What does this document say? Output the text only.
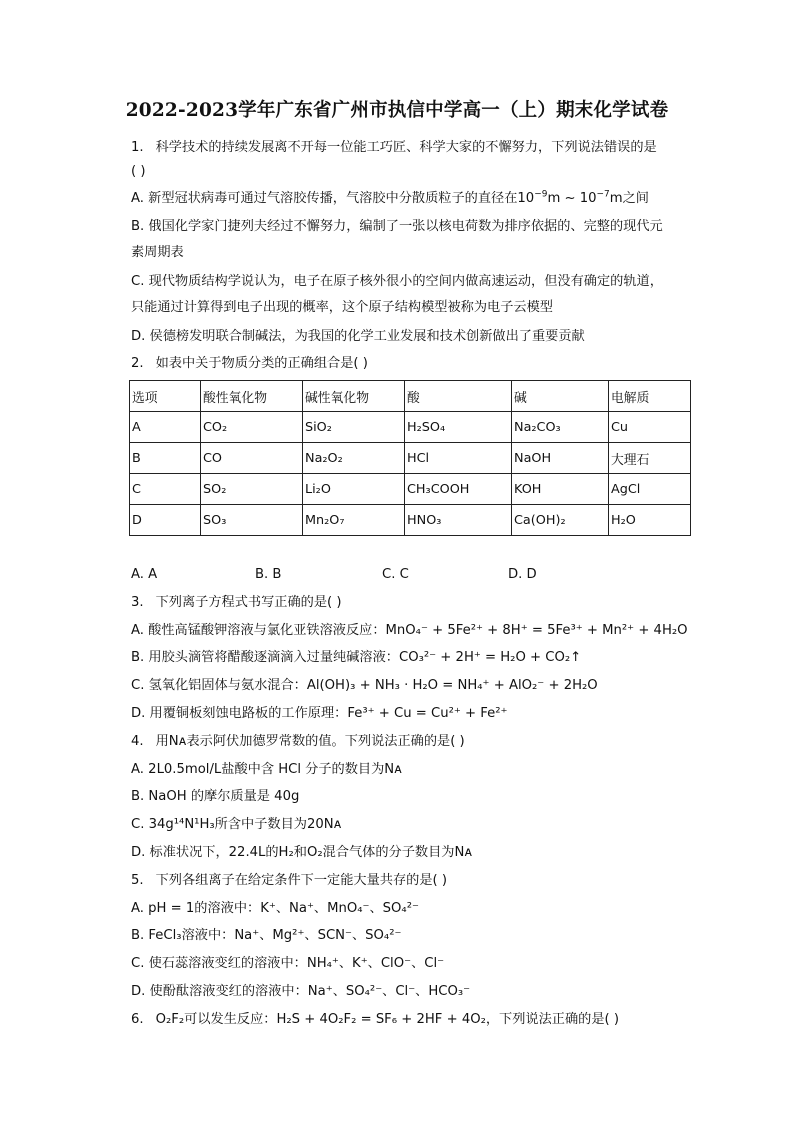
2022-2023学年广东省广州市执信中学高一（上）期末化学试卷
1. 科学技术的持续发展离不开每一位能工巧匠、科学大家的不懈努力，下列说法错误的是
( )
A. 新型冠状病毒可通过气溶胶传播，气溶胶中分散质粒子的直径在$10^{-9}m$ ~ $10^{-7}m$之间
B. 俄国化学家门捷列夫经过不懈努力，编制了一张以核电荷数为排序依据的、完整的现代元
素周期表
C. 现代物质结构学说认为，电子在原子核外很小的空间内做高速运动，但没有确定的轨道，
只能通过计算得到电子出现的概率，这个原子结构模型被称为电子云模型
D. 侯德榜发明联合制碱法，为我国的化学工业发展和技术创新做出了重要贡献
2. 如表中关于物质分类的正确组合是( )
选项	酸性氧化物	碱性氧化物	酸	碱	电解质
A	CO₂	SiO₂	H₂SO₄	Na₂CO₃	Cu
B	CO	Na₂O₂	HCl	NaOH	大理石
C	SO₂	Li₂O	CH₃COOH	KOH	AgCl
D	SO₃	Mn₂O₇	HNO₃	Ca(OH)₂	H₂O
A. A	B. B	C. C	D. D
3. 下列离子方程式书写正确的是( )
A. 酸性高锰酸钾溶液与氯化亚铁溶液反应：MnO₄⁻ + 5Fe²⁺ + 8H⁺ = 5Fe³⁺ + Mn²⁺ + 4H₂O
B. 用胶头滴管将醋酸逐滴滴入过量纯碱溶液：CO₃²⁻ + 2H⁺ = H₂O + CO₂↑
C. 氢氧化铝固体与氨水混合：Al(OH)₃ + NH₃ · H₂O = NH₄⁺ + AlO₂⁻ + 2H₂O
D. 用覆铜板刻蚀电路板的工作原理：Fe³⁺ + Cu = Cu²⁺ + Fe²⁺
4. 用Nᴀ表示阿伏加德罗常数的值。下列说法正确的是( )
A. 2L0.5mol/L盐酸中含 HCl 分子的数目为Nᴀ
B. NaOH 的摩尔质量是 40g
C. 34g¹⁴N¹H₃所含中子数目为20Nᴀ
D. 标准状况下，22.4L的H₂和O₂混合气体的分子数目为Nᴀ
5. 下列各组离子在给定条件下一定能大量共存的是( )
A. pH = 1的溶液中：K⁺、Na⁺、MnO₄⁻、SO₄²⁻
B. FeCl₃溶液中：Na⁺、Mg²⁺、SCN⁻、SO₄²⁻
C. 使石蕊溶液变红的溶液中：NH₄⁺、K⁺、ClO⁻、Cl⁻
D. 使酚酞溶液变红的溶液中：Na⁺、SO₄²⁻、Cl⁻、HCO₃⁻
6. O₂F₂可以发生反应：H₂S + 4O₂F₂ = SF₆ + 2HF + 4O₂，下列说法正确的是( )
